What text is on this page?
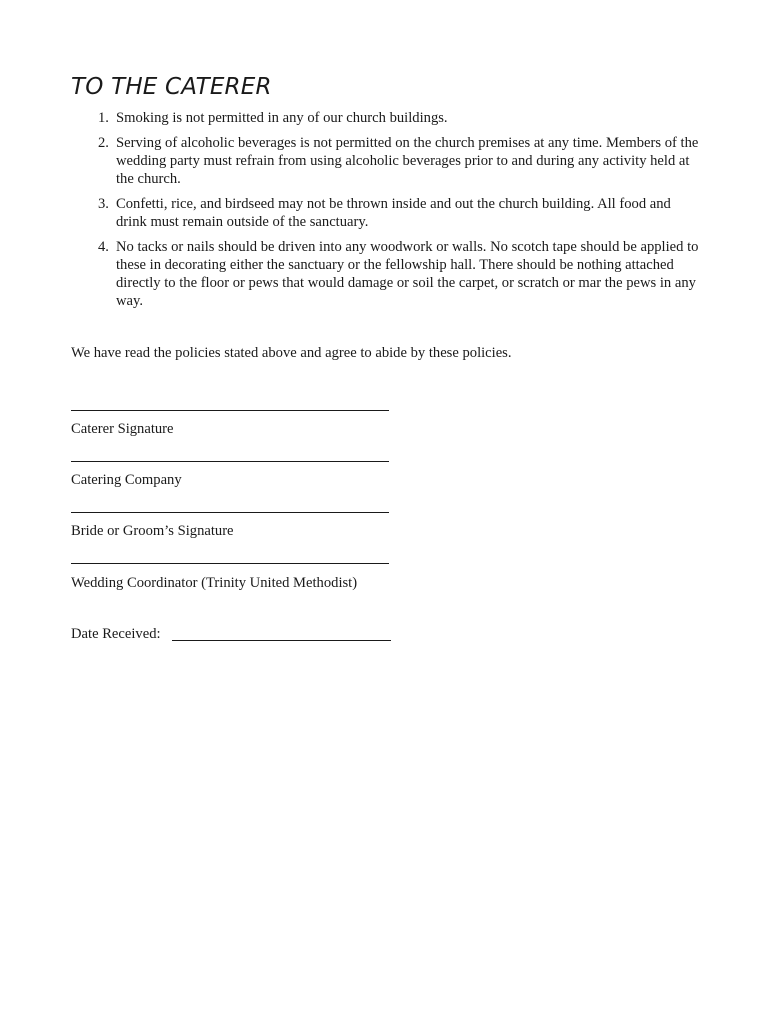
TO THE CATERER
1. Smoking is not permitted in any of our church buildings.
2. Serving of alcoholic beverages is not permitted on the church premises at any time. Members of the wedding party must refrain from using alcoholic beverages prior to and during any activity held at the church.
3. Confetti, rice, and birdseed may not be thrown inside and out the church building. All food and drink must remain outside of the sanctuary.
4. No tacks or nails should be driven into any woodwork or walls. No scotch tape should be applied to these in decorating either the sanctuary or the fellowship hall. There should be nothing attached directly to the floor or pews that would damage or soil the carpet, or scratch or mar the pews in any way.

We have read the policies stated above and agree to abide by these policies.

Caterer Signature

Catering Company

Bride or Groom’s Signature

Wedding Coordinator (Trinity United Methodist)

Date Received:
